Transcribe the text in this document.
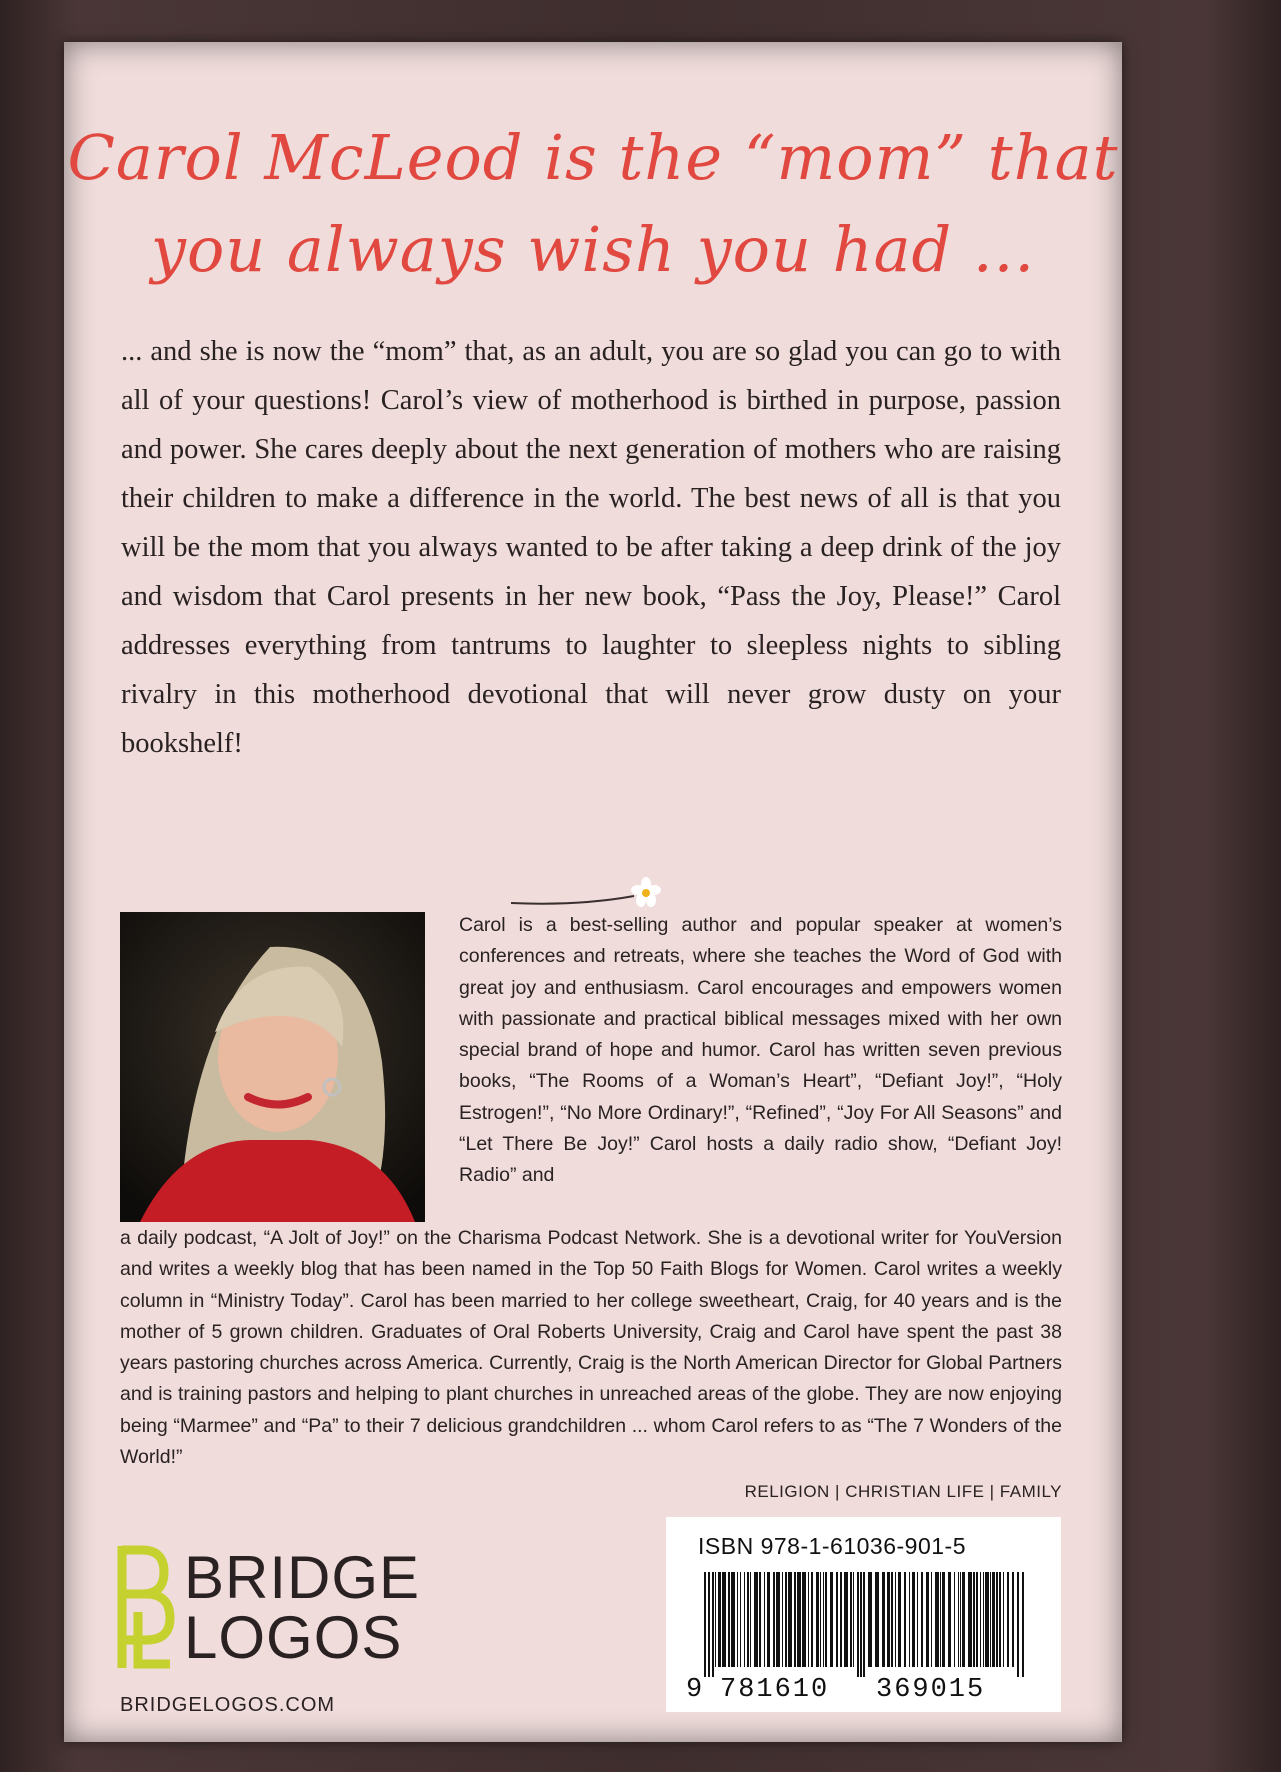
Carol McLeod is the “mom” that
you always wish you had ...
... and she is now the “mom” that, as an adult, you are so glad you can go to with all of your questions! Carol’s view of motherhood is birthed in purpose, passion and power. She cares deeply about the next generation of mothers who are raising their children to make a difference in the world. The best news of all is that you will be the mom that you always wanted to be after taking a deep drink of the joy and wisdom that Carol presents in her new book, “Pass the Joy, Please!” Carol addresses everything from tantrums to laughter to sleepless nights to sibling rivalry in this motherhood devotional that will never grow dusty on your bookshelf!
Carol is a best-selling author and popular speaker at women’s conferences and retreats, where she teaches the Word of God with great joy and enthusiasm. Carol encourages and empowers women with passionate and practical biblical messages mixed with her own special brand of hope and humor. Carol has written seven previous books, “The Rooms of a Woman’s Heart”, “Defiant Joy!”, “Holy Estrogen!”, “No More Ordinary!”, “Refined”, “Joy For All Seasons” and “Let There Be Joy!” Carol hosts a daily radio show, “Defiant Joy! Radio” and
a daily podcast, “A Jolt of Joy!” on the Charisma Podcast Network. She is a devotional writer for YouVersion and writes a weekly blog that has been named in the Top 50 Faith Blogs for Women. Carol writes a weekly column in “Ministry Today”. Carol has been married to her college sweetheart, Craig, for 40 years and is the mother of 5 grown children. Graduates of Oral Roberts University, Craig and Carol have spent the past 38 years pastoring churches across America. Currently, Craig is the North American Director for Global Partners and is training pastors and helping to plant churches in unreached areas of the globe. They are now enjoying being “Marmee” and “Pa” to their 7 delicious grandchildren ... whom Carol refers to as “The 7 Wonders of the World!”
RELIGION | CHRISTIAN LIFE | FAMILY
BRIDGE
LOGOS
BRIDGELOGOS.COM
ISBN 978-1-61036-901-5
9 781610 369015
